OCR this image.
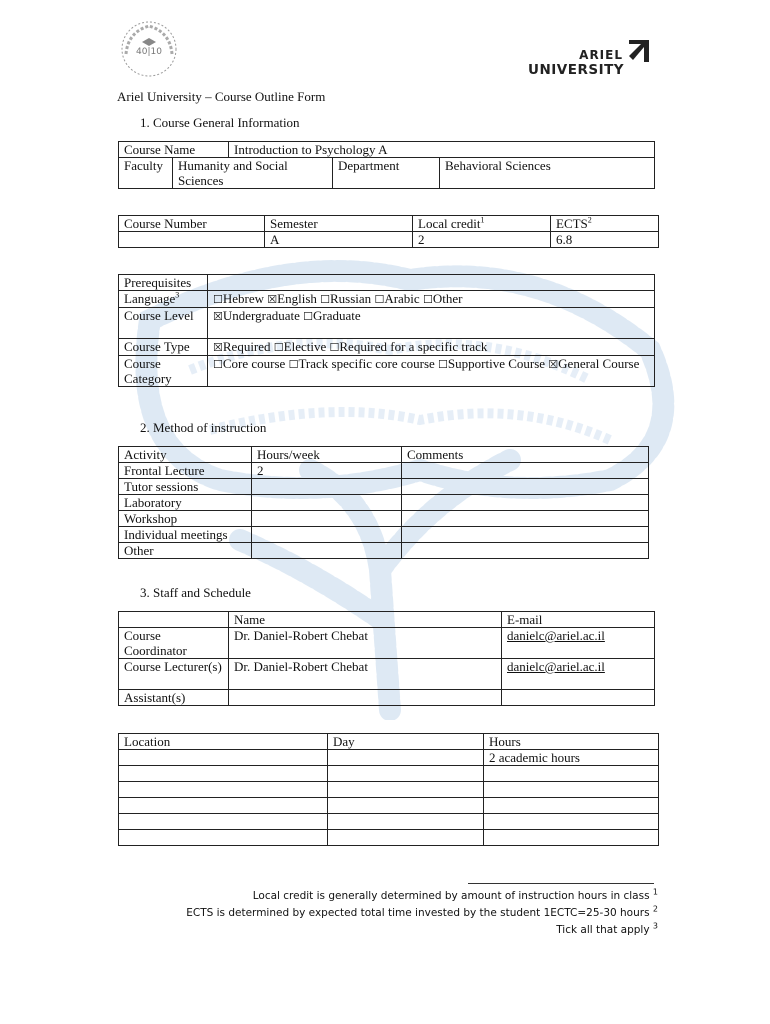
40|10	ARIEL
UNIVERSITY
Ariel University – Course Outline Form
1. Course General Information
Course Name		Introduction to Psychology A		
Faculty	Humanity and Social Sciences		Department	Behavioral Sciences
Course Number	Semester	Local credit$^1$	ECTS$^2$
	A	2	6.8
Prerequisites	
Language$^3$	☐Hebrew ☒English ☐Russian ☐Arabic ☐Other
Course Level	☒Undergraduate ☐Graduate
Course Type	☒Required ☐Elective ☐Required for a specific track
Course Category	☐Core course ☐Track specific core course ☐Supportive Course ☒General Course
2. Method of instruction
Activity	Hours/week	Comments
Frontal Lecture	2	
Tutor sessions		
Laboratory		
Workshop		
Individual meetings		
Other		
3. Staff and Schedule
	Name	E-mail
Course Coordinator	Dr. Daniel-Robert Chebat	danielc@ariel.ac.il
Course Lecturer(s)	Dr. Daniel-Robert Chebat	danielc@ariel.ac.il
Assistant(s)		
Location	Day	Hours
		2 academic hours

Local credit is generally determined by amount of instruction hours in class $^1$
ECTS is determined by expected total time invested by the student 1ECTC=25-30 hours $^2$
Tick all that apply $^3$
